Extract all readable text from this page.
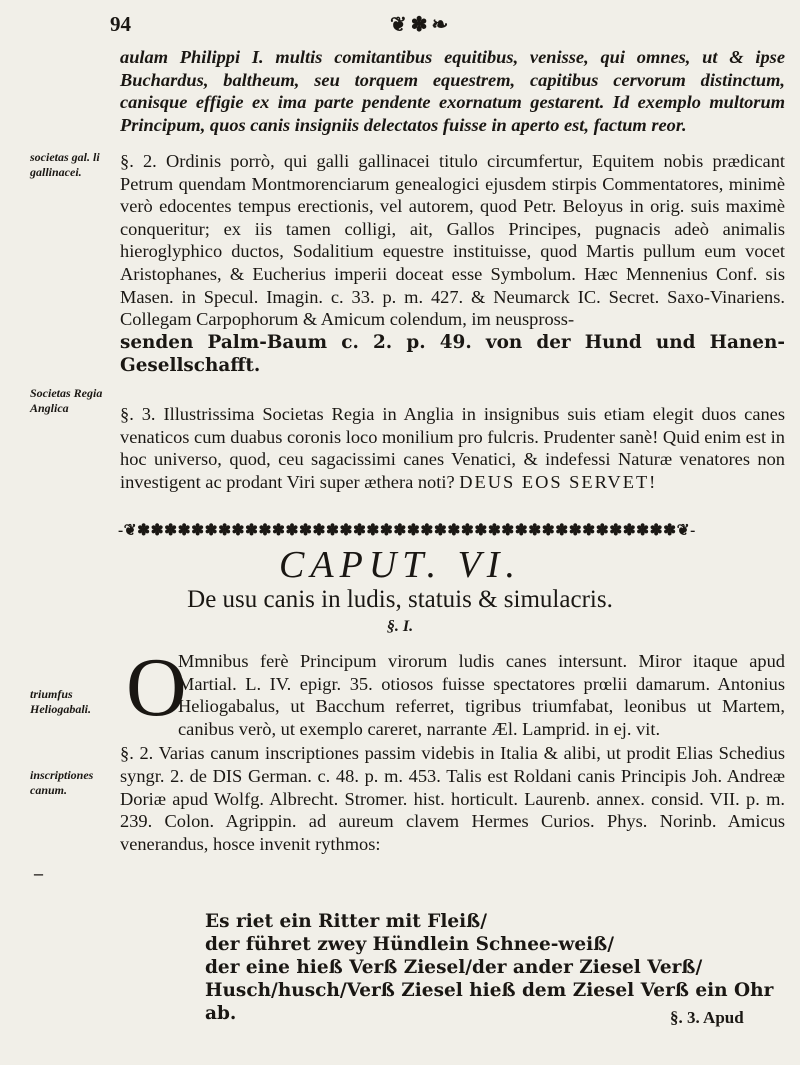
94	❦✽❧

aulam Philippi I. multis comitantibus equitibus, venisse, qui omnes, ut & ipse Buchardus, baltheum, seu torquem equestrem, capitibus cervorum distinctum, canisque effigie ex ima parte pendente exornatum gestarent. Id exemplo multorum Principum, quos canis insigniis delectatos fuisse in aperto est, factum reor.

societas gal. li gallinacei.

§. 2. Ordinis porrò, qui galli gallinacei titulo circumfertur, Equitem nobis prædicant Petrum quendam Montmorenciarum genealogici ejusdem stirpis Commentatores, minimè verò edocentes tempus erectionis, vel autorem, quod Petr. Beloyus in orig. suis maximè conqueritur; ex iis tamen colligi, ait, Gallos Principes, pugnacis adeò animalis hieroglyphico ductos, Sodalitium equestre instituisse, quod Martis pullum eum vocet Aristophanes, & Eucherius imperii doceat esse Symbolum. Hæc Mennenius Conf. sis Masen. in Specul. Imagin. c. 33. p. m. 427. & Neumarck IC. Secret. Saxo-Vinariens. Collegam Carpophorum & Amicum colendum, im neuspross-
senden Palm-Baum c. 2. p. 49. von der Hund und Hanen-Gesellschafft.

Societas Regia Anglica	§. 3. Illustrissima Societas Regia in Anglia in insignibus suis etiam elegit duos canes venaticos cum duabus coronis loco monilium pro fulcris. Prudenter sanè! Quid enim est in hoc universo, quod, ceu sagacissimi canes Venatici, & indefessi Naturæ venatores non investigent ac prodant Viri super æthera noti? DEUS EOS SERVET!

-❦✽✽✽✽✽✽✽✽✽✽✽✽✽✽✽✽✽✽✽✽✽✽✽✽✽✽✽✽✽✽✽✽✽✽✽✽✽✽✽✽❦-
CAPUT. VI.
De usu canis in ludis, statuis & simulacris.
§. I.
O
triumfus Heliogabali.

Mmnibus ferè Principum virorum ludis canes intersunt. Miror itaque apud Martial. L. IV. epigr. 35. otiosos fuisse spectatores prœlii damarum. Antonius Heliogabalus, ut Bacchum referret, tigribus triumfabat, leonibus ut Martem, canibus verò, ut exemplo careret, narrante Æl. Lamprid. in ej. vit.

§. 2. Varias canum inscriptiones passim videbis in Italia & alibi, ut prodit Elias Schedius syngr. 2. de DIS German. c. 48. p. m. 453. Talis est Roldani canis Principis Joh. Andreæ Doriæ apud Wolfg. Albrecht. Stromer. hist. horticult. Laurenb. annex. consid. VII. p. m. 239. Colon. Agrippin. ad aureum clavem Hermes Curios. Phys. Norinb. Amicus venerandus, hosce invenit rythmos:

inscriptiones canum.
–
Es riet ein Ritter mit Fleiß/
der führet zwey Hündlein Schnee-weiß/
der eine hieß Verß Ziesel/der ander Ziesel Verß/
Husch/husch/Verß Ziesel hieß dem Ziesel Verß ein Ohr ab.	§. 3. Apud
